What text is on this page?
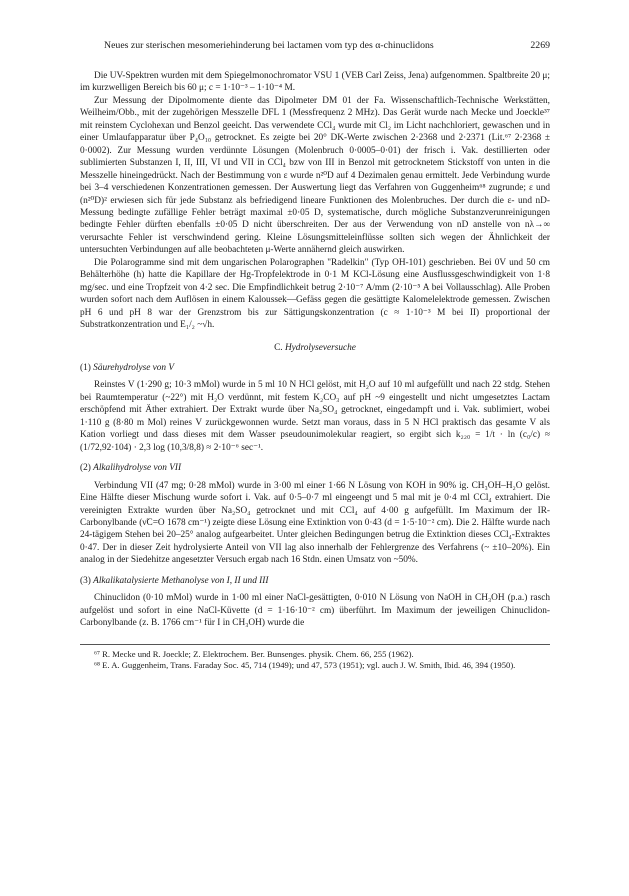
Neues zur sterischen mesomeriehinderung bei lactamen vom typ des α-chinuclidons	2269

Die UV-Spektren wurden mit dem Spiegelmonochromator VSU 1 (VEB Carl Zeiss, Jena) aufgenommen. Spaltbreite 20 μ; im kurzwelligen Bereich bis 60 μ; c = 1·10⁻³ – 1·10⁻⁴ M.

Zur Messung der Dipolmomente diente das Dipolmeter DM 01 der Fa. Wissenschaftlich-Technische Werkstätten, Weilheim/Obb., mit der zugehörigen Messzelle DFL 1 (Messfrequenz 2 MHz). Das Gerät wurde nach Mecke und Joeckle³⁷ mit reinstem Cyclohexan und Benzol geeicht. Das verwendete CCl₄ wurde mit Cl₂ im Licht nachchloriert, gewaschen und in einer Umlaufapparatur über P₄O₁₀ getrocknet. Es zeigte bei 20° DK-Werte zwischen 2·2368 und 2·2371 (Lit.⁶⁷ 2·2368 ± 0·0002). Zur Messung wurden verdünnte Lösungen (Molenbruch 0·0005–0·01) der frisch i. Vak. destillierten oder sublimierten Substanzen I, II, III, VI und VII in CCl₄ bzw von III in Benzol mit getrocknetem Stickstoff von unten in die Messzelle hineingedrückt. Nach der Bestimmung von ε wurde n²⁰D auf 4 Dezimalen genau ermittelt. Jede Verbindung wurde bei 3–4 verschiedenen Konzentrationen gemessen. Der Auswertung liegt das Verfahren von Guggenheim⁶⁸ zugrunde; ε und (n²⁰D)² erwiesen sich für jede Substanz als befriedigend lineare Funktionen des Molenbruches. Der durch die ε- und nD-Messung bedingte zufällige Fehler beträgt maximal ±0·05 D, systematische, durch mögliche Substanzverunreinigungen bedingte Fehler dürften ebenfalls ±0·05 D nicht überschreiten. Der aus der Verwendung von nD anstelle von nλ→∞ verursachte Fehler ist verschwindend gering. Kleine Lösungsmitteleinflüsse sollten sich wegen der Ähnlichkeit der untersuchten Verbindungen auf alle beobachteten μ-Werte annähernd gleich auswirken.

Die Polarogramme sind mit dem ungarischen Polarographen "Radelkin" (Typ OH-101) geschrieben. Bei 0V und 50 cm Behälterhöhe (h) hatte die Kapillare der Hg-Tropfelektrode in 0·1 M KCl-Lösung eine Ausflussgeschwindigkeit von 1·8 mg/sec. und eine Tropfzeit von 4·2 sec. Die Empfindlichkeit betrug 2·10⁻⁷ A/mm (2·10⁻⁵ A bei Vollausschlag). Alle Proben wurden sofort nach dem Auflösen in einem Kaloussek—Gefäss gegen die gesättigte Kalomelelektrode gemessen. Zwischen pH 6 und pH 8 war der Grenzstrom bis zur Sättigungskonzentration (c ≈ 1·10⁻³ M bei II) proportional der Substratkonzentration und E₁/₂ ~√h.

C. Hydrolyseversuche
(1) Säurehydrolyse von V

Reinstes V (1·290 g; 10·3 mMol) wurde in 5 ml 10 N HCl gelöst, mit H₂O auf 10 ml aufgefüllt und nach 22 stdg. Stehen bei Raumtemperatur (~22°) mit H₂O verdünnt, mit festem K₂CO₃ auf pH ~9 eingestellt und nicht umgesetztes Lactam erschöpfend mit Äther extrahiert. Der Extrakt wurde über Na₂SO₄ getrocknet, eingedampft und i. Vak. sublimiert, wobei 1·110 g (8·80 m Mol) reines V zurückgewonnen wurde. Setzt man voraus, dass in 5 N HCl praktisch das gesamte V als Kation vorliegt und dass dieses mit dem Wasser pseudounimolekular reagiert, so ergibt sich k₂₂₀ = 1/t · ln (c₀/c) ≈ (1/72,92·104) · 2,3 log (10,3/8,8) ≈ 2·10⁻⁶ sec⁻¹.

(2) Alkalihydrolyse von VII

Verbindung VII (47 mg; 0·28 mMol) wurde in 3·00 ml einer 1·66 N Lösung von KOH in 90% ig. CH₃OH–H₂O gelöst. Eine Hälfte dieser Mischung wurde sofort i. Vak. auf 0·5–0·7 ml eingeengt und 5 mal mit je 0·4 ml CCl₄ extrahiert. Die vereinigten Extrakte wurden über Na₂SO₄ getrocknet und mit CCl₄ auf 4·00 g aufgefüllt. Im Maximum der IR-Carbonylbande (ν̃C=O 1678 cm⁻¹) zeigte diese Lösung eine Extinktion von 0·43 (d = 1·5·10⁻² cm). Die 2. Hälfte wurde nach 24-tägigem Stehen bei 20–25° analog aufgearbeitet. Unter gleichen Bedingungen betrug die Extinktion dieses CCl₄-Extraktes 0·47. Der in dieser Zeit hydrolysierte Anteil von VII lag also innerhalb der Fehlergrenze des Verfahrens (~ ±10–20%). Ein analog in der Siedehitze angesetzter Versuch ergab nach 16 Stdn. einen Umsatz von ~50%.

(3) Alkalikatalysierte Methanolyse von I, II und III

Chinuclidon (0·10 mMol) wurde in 1·00 ml einer NaCl-gesättigten, 0·010 N Lösung von NaOH in CH₃OH (p.a.) rasch aufgelöst und sofort in eine NaCl-Küvette (d = 1·16·10⁻² cm) überführt. Im Maximum der jeweiligen Chinuclidon-Carbonylbande (z. B. 1766 cm⁻¹ für I in CH₃OH) wurde die

⁶⁷ R. Mecke und R. Joeckle; Z. Elektrochem. Ber. Bunsenges. physik. Chem. 66, 255 (1962).

⁶⁸ E. A. Guggenheim, Trans. Faraday Soc. 45, 714 (1949); und 47, 573 (1951); vgl. auch J. W. Smith, Ibid. 46, 394 (1950).
